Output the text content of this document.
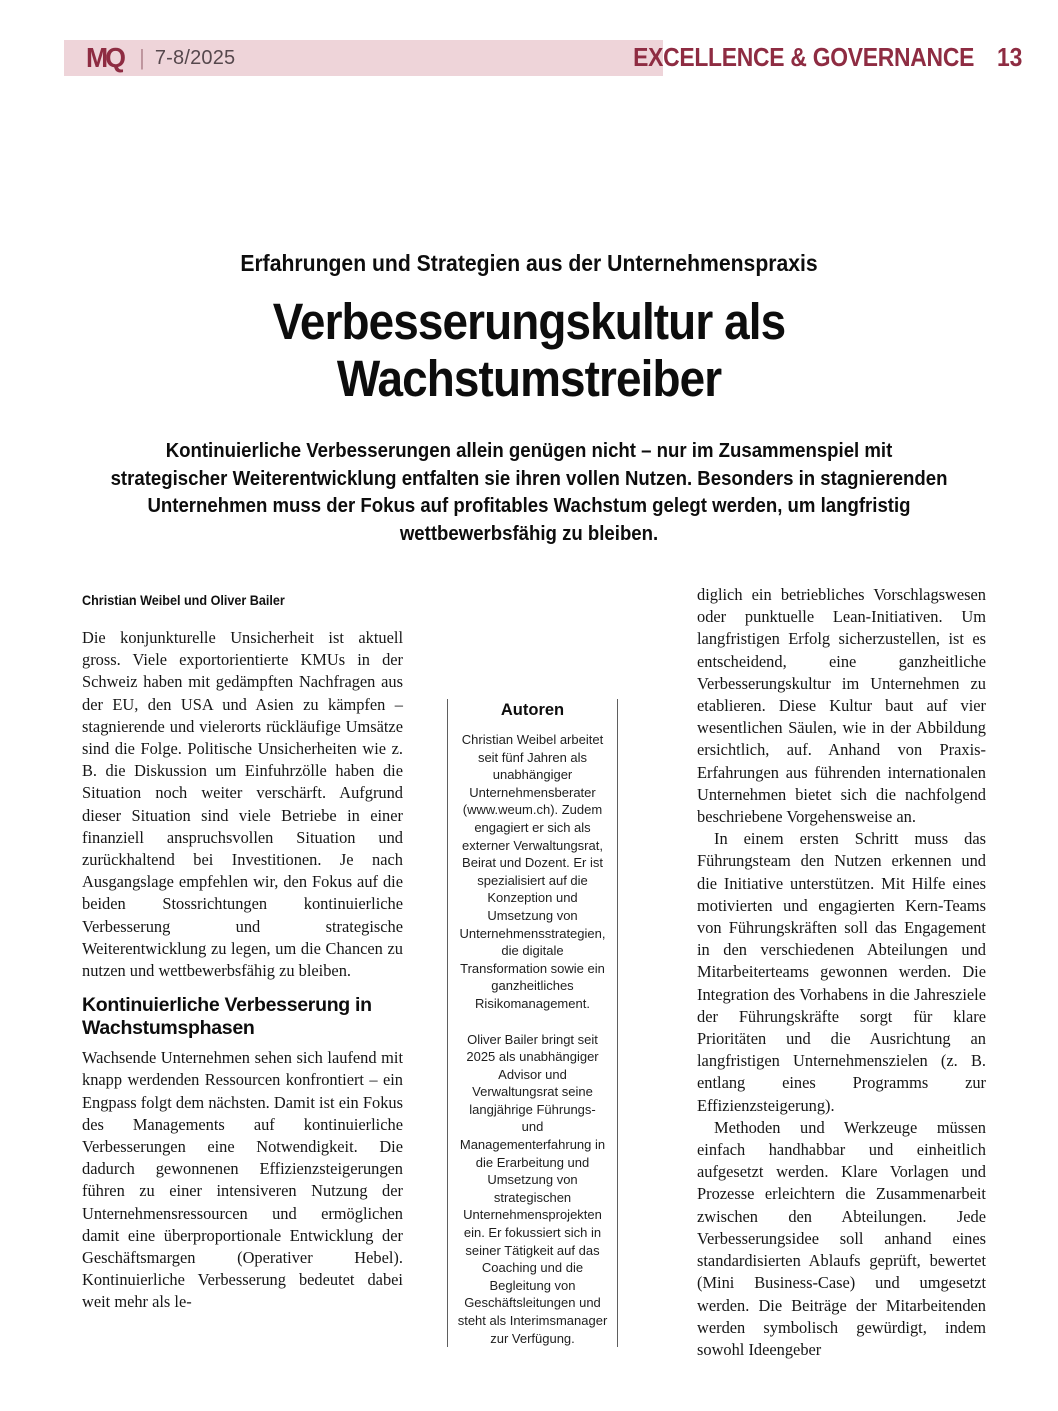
MQ | 7-8/2025	EXCELLENCE & GOVERNANCE 13
Erfahrungen und Strategien aus der Unternehmenspraxis
Verbesserungskultur als Wachstumstreiber
Kontinuierliche Verbesserungen allein genügen nicht – nur im Zusammenspiel mit strategischer Weiterentwicklung entfalten sie ihren vollen Nutzen. Besonders in stagnierenden Unternehmen muss der Fokus auf profitables Wachstum gelegt werden, um langfristig wettbewerbsfähig zu bleiben.
Christian Weibel und Oliver Bailer

Die konjunkturelle Unsicherheit ist aktuell gross. Viele exportorientierte KMUs in der Schweiz haben mit gedämpften Nachfragen aus der EU, den USA und Asien zu kämpfen – stagnierende und vielerorts rückläufige Umsätze sind die Folge. Politische Unsicherheiten wie z. B. die Diskussion um Einfuhrzölle haben die Situation noch weiter verschärft. Aufgrund dieser Situation sind viele Betriebe in einer finanziell anspruchsvollen Situation und zurückhaltend bei Investitionen. Je nach Ausgangslage empfehlen wir, den Fokus auf die beiden Stossrichtungen kontinuierliche Verbesserung und strategische Weiterentwicklung zu legen, um die Chancen zu nutzen und wettbewerbsfähig zu bleiben.

Kontinuierliche Verbesserung in Wachstumsphasen

Wachsende Unternehmen sehen sich laufend mit knapp werdenden Ressourcen konfrontiert – ein Engpass folgt dem nächsten. Damit ist ein Fokus des Managements auf kontinuierliche Verbesserungen eine Notwendigkeit. Die dadurch gewonnenen Effizienzsteigerungen führen zu einer intensiveren Nutzung der Unternehmensressourcen und ermöglichen damit eine überproportionale Entwicklung der Geschäftsmargen (Operativer Hebel). Kontinuierliche Verbesserung bedeutet dabei weit mehr als le-

Autoren

Christian Weibel arbeitet seit fünf Jahren als unabhängiger Unternehmensberater (www.weum.ch). Zudem engagiert er sich als externer Verwaltungsrat, Beirat und Dozent. Er ist spezialisiert auf die Konzeption und Umsetzung von Unternehmensstrategien, die digitale Transformation sowie ein ganzheitliches Risikomanagement.

Oliver Bailer bringt seit 2025 als unabhängiger Advisor und Verwaltungsrat seine langjährige Führungs- und Managementerfahrung in die Erarbeitung und Umsetzung von strategischen Unternehmensprojekten ein. Er fokussiert sich in seiner Tätigkeit auf das Coaching und die Begleitung von Geschäftsleitungen und steht als Interimsmanager zur Verfügung.

diglich ein betriebliches Vorschlagswesen oder punktuelle Lean-Initiativen. Um langfristigen Erfolg sicherzustellen, ist es entscheidend, eine ganzheitliche Verbesserungskultur im Unternehmen zu etablieren. Diese Kultur baut auf vier wesentlichen Säulen, wie in der Abbildung ersichtlich, auf. Anhand von Praxis-Erfahrungen aus führenden internationalen Unternehmen bietet sich die nachfolgend beschriebene Vorgehensweise an.

In einem ersten Schritt muss das Führungsteam den Nutzen erkennen und die Initiative unterstützen. Mit Hilfe eines motivierten und engagierten Kern-Teams von Führungskräften soll das Engagement in den verschiedenen Abteilungen und Mitarbeiterteams gewonnen werden. Die Integration des Vorhabens in die Jahresziele der Führungskräfte sorgt für klare Prioritäten und die Ausrichtung an langfristigen Unternehmenszielen (z. B. entlang eines Programms zur Effizienzsteigerung).

Methoden und Werkzeuge müssen einfach handhabbar und einheitlich aufgesetzt werden. Klare Vorlagen und Prozesse erleichtern die Zusammenarbeit zwischen den Abteilungen. Jede Verbesserungsidee soll anhand eines standardisierten Ablaufs geprüft, bewertet (Mini Business-Case) und umgesetzt werden. Die Beiträge der Mitarbeitenden werden symbolisch gewürdigt, indem sowohl Ideengeber
